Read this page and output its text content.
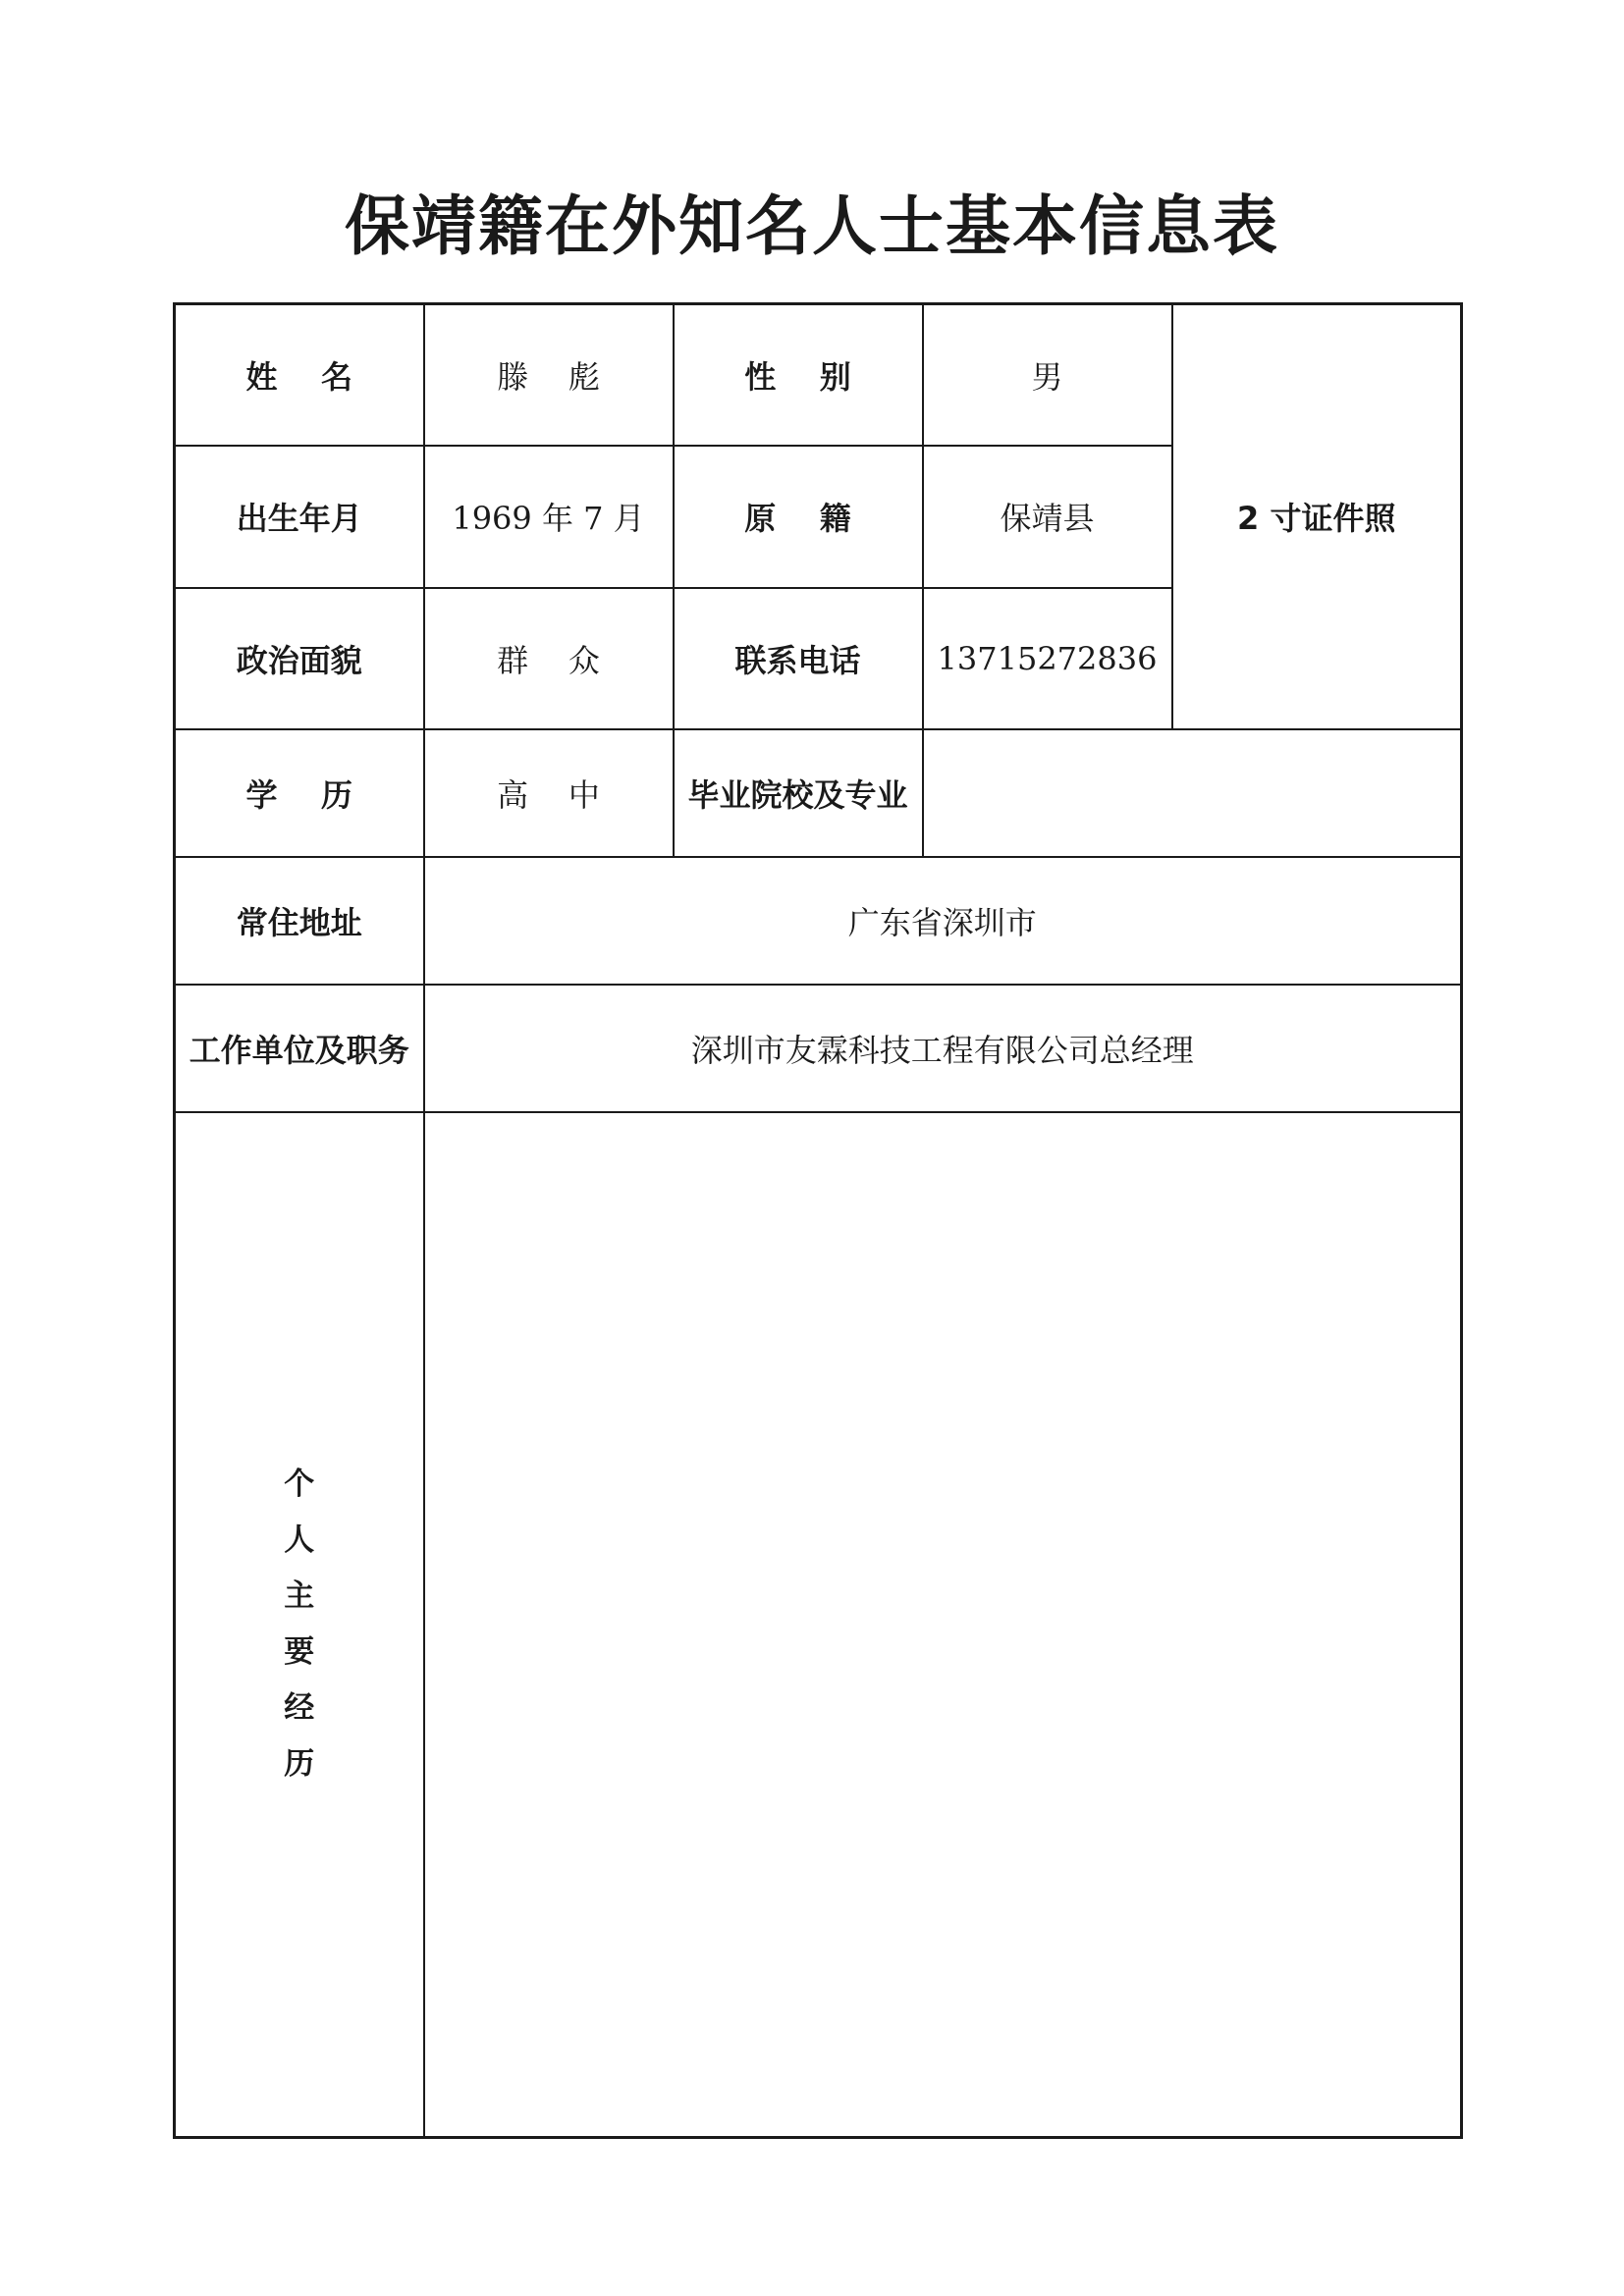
保靖籍在外知名人士基本信息表
姓    名	滕    彪	性    别	男	2 寸证件照
出生年月	1969 年 7 月	原    籍	保靖县	
政治面貌	群    众	联系电话	13715272836	
学    历	高    中	毕业院校及专业		
常住地址	广东省深圳市			
工作单位及职务	深圳市友霖科技工程有限公司总经理			
个人主要经历				
